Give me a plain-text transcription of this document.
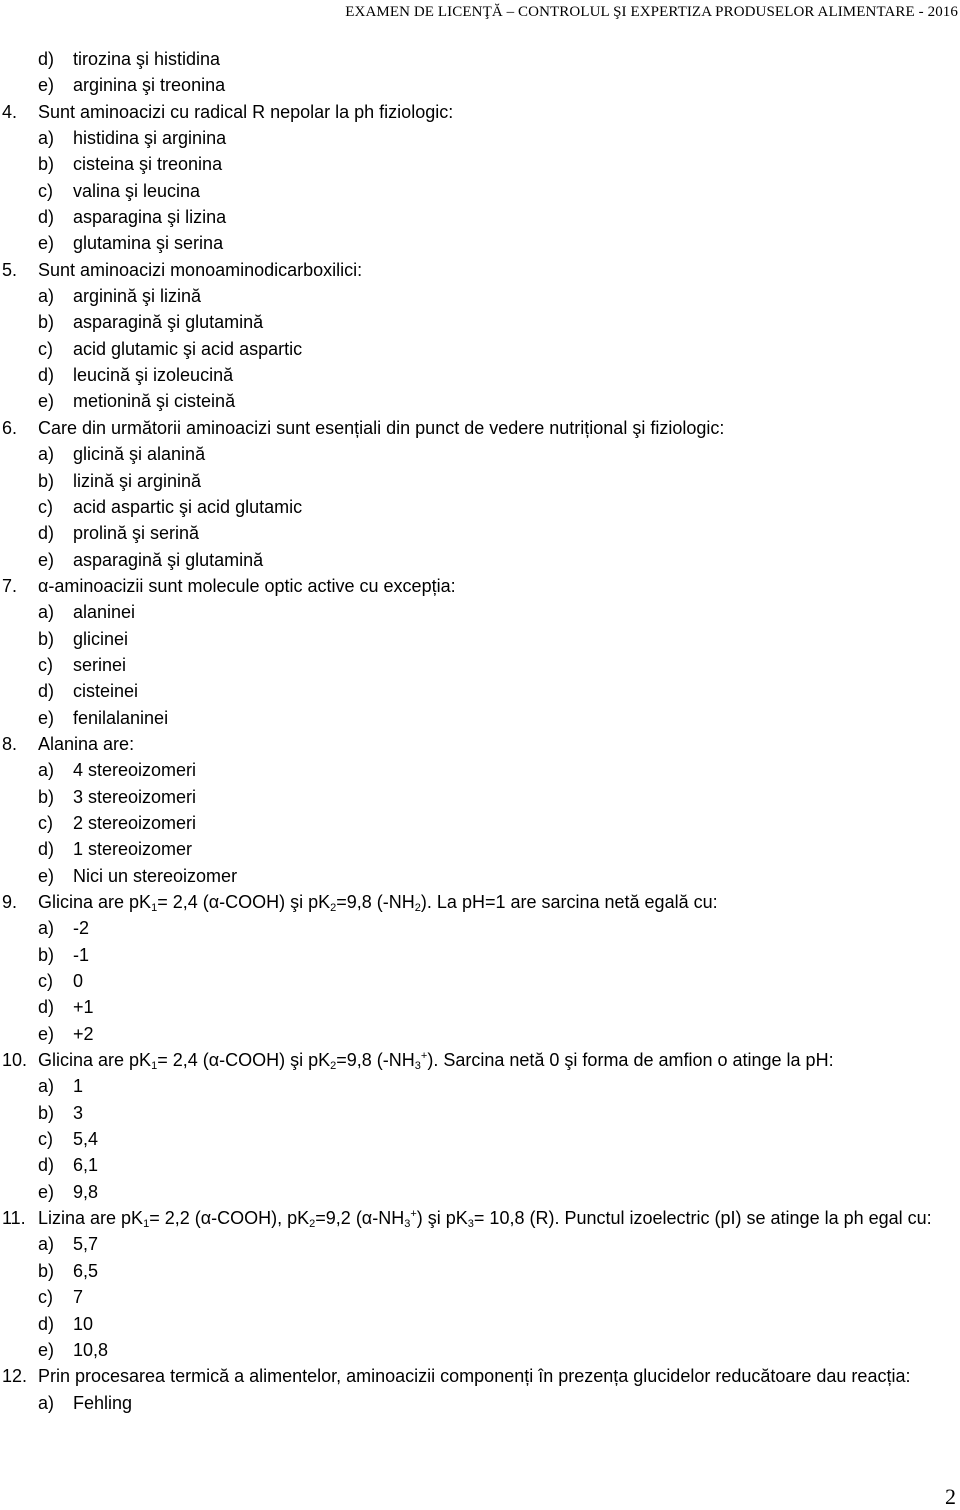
EXAMEN DE LICENŢĂ – CONTROLUL ŞI EXPERTIZA PRODUSELOR ALIMENTARE - 2016
d)	tirozina şi histidina
e)	arginina şi treonina
4.	Sunt aminoacizi cu radical R nepolar la ph fiziologic:
a)	histidina şi arginina
b)	cisteina şi treonina
c)	valina şi leucina
d)	asparagina şi lizina
e)	glutamina şi serina
5.	Sunt aminoacizi monoaminodicarboxilici:
a)	arginină şi lizină
b)	asparagină şi glutamină
c)	acid glutamic şi acid aspartic
d)	leucină şi izoleucină
e)	metionină şi cisteină
6.	Care din următorii aminoacizi sunt esențiali din punct de vedere nutrițional şi fiziologic:
a)	glicină şi alanină
b)	lizină şi arginină
c)	acid aspartic şi acid glutamic
d)	prolină şi serină
e)	asparagină şi glutamină
7.	α-aminoacizii sunt molecule optic active cu excepția:
a)	alaninei
b)	glicinei
c)	serinei
d)	cisteinei
e)	fenilalaninei
8.	Alanina are:
a)	4 stereoizomeri
b)	3 stereoizomeri
c)	2 stereoizomeri
d)	1 stereoizomer
e)	Nici un stereoizomer
9.	Glicina are $pK_1= 2,4$ (α-COOH) şi $pK_2=9,8$ $(-NH_2)$. La pH=1 are sarcina netă egală cu:
a)	-2
b)	-1
c)	0
d)	+1
e)	+2
10. Glicina are $pK_1= 2,4$ (α-COOH) şi $pK_2=9,8$ $(-NH_3^+)$. Sarcina netă 0 şi forma de amfion o atinge la pH:
a)	1
b)	3
c)	5,4
d)	6,1
e)	9,8
11. Lizina are $pK_1= 2,2$ (α-COOH), $pK_2=9,2$ $(\alpha-NH_3^+)$ şi $pK_3= 10,8$ (R). Punctul izoelectric (pI) se atinge la ph egal cu:
a)	5,7
b)	6,5
c)	7
d)	10
e)	10,8
12. Prin procesarea termică a alimentelor, aminoacizii componenți în prezența glucidelor reducătoare dau reacția:
a)	Fehling
2
